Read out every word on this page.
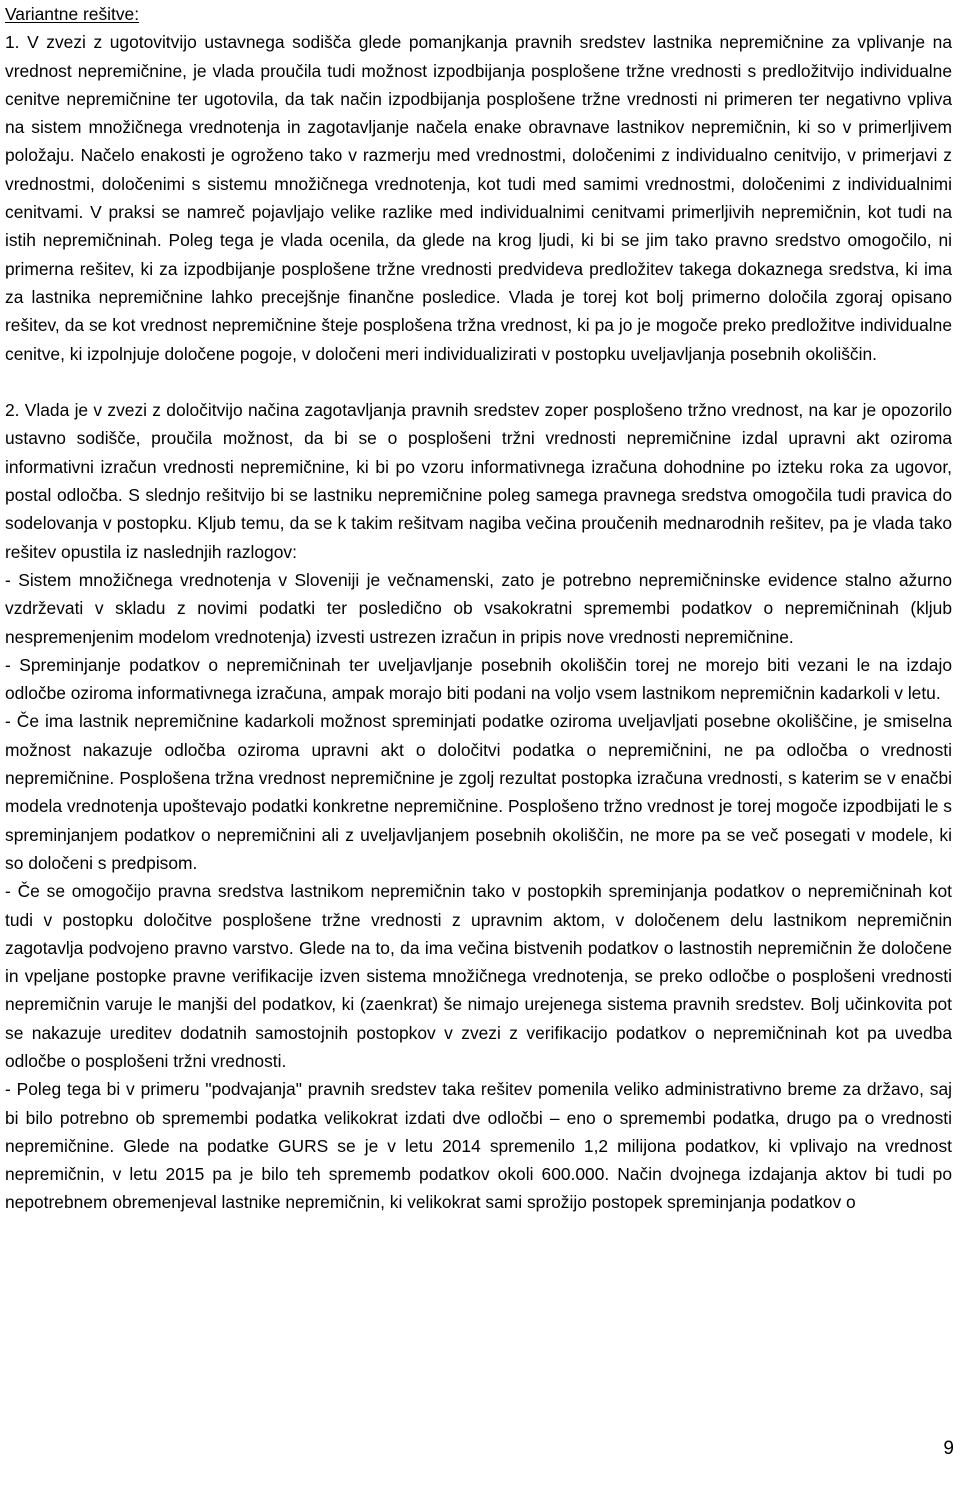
Variantne rešitve:

1. V zvezi z ugotovitvijo ustavnega sodišča glede pomanjkanja pravnih sredstev lastnika nepremičnine za vplivanje na vrednost nepremičnine, je vlada proučila tudi možnost izpodbijanja posplošene tržne vrednosti s predložitvijo individualne cenitve nepremičnine ter ugotovila, da tak način izpodbijanja posplošene tržne vrednosti ni primeren ter negativno vpliva na sistem množičnega vrednotenja in zagotavljanje načela enake obravnave lastnikov nepremičnin, ki so v primerljivem položaju. Načelo enakosti je ogroženo tako v razmerju med vrednostmi, določenimi z individualno cenitvijo, v primerjavi z vrednostmi, določenimi s sistemu množičnega vrednotenja, kot tudi med samimi vrednostmi, določenimi z individualnimi cenitvami. V praksi se namreč pojavljajo velike razlike med individualnimi cenitvami primerljivih nepremičnin, kot tudi na istih nepremičninah. Poleg tega je vlada ocenila, da glede na krog ljudi, ki bi se jim tako pravno sredstvo omogočilo, ni primerna rešitev, ki za izpodbijanje posplošene tržne vrednosti predvideva predložitev takega dokaznega sredstva, ki ima za lastnika nepremičnine lahko precejšnje finančne posledice. Vlada je torej kot bolj primerno določila zgoraj opisano rešitev, da se kot vrednost nepremičnine šteje posplošena tržna vrednost, ki pa jo je mogoče preko predložitve individualne cenitve, ki izpolnjuje določene pogoje, v določeni meri individualizirati v postopku uveljavljanja posebnih okoliščin.

2. Vlada je v zvezi z določitvijo načina zagotavljanja pravnih sredstev zoper posplošeno tržno vrednost, na kar je opozorilo ustavno sodišče, proučila možnost, da bi se o posplošeni tržni vrednosti nepremičnine izdal upravni akt oziroma informativni izračun vrednosti nepremičnine, ki bi po vzoru informativnega izračuna dohodnine po izteku roka za ugovor, postal odločba. S slednjo rešitvijo bi se lastniku nepremičnine poleg samega pravnega sredstva omogočila tudi pravica do sodelovanja v postopku. Kljub temu, da se k takim rešitvam nagiba večina proučenih mednarodnih rešitev, pa je vlada tako rešitev opustila iz naslednjih razlogov:

- Sistem množičnega vrednotenja v Sloveniji je večnamenski, zato je potrebno nepremičninske evidence stalno ažurno vzdrževati v skladu z novimi podatki ter posledično ob vsakokratni spremembi podatkov o nepremičninah (kljub nespremenjenim modelom vrednotenja) izvesti ustrezen izračun in pripis nove vrednosti nepremičnine.

- Spreminjanje podatkov o nepremičninah ter uveljavljanje posebnih okoliščin torej ne morejo biti vezani le na izdajo odločbe oziroma informativnega izračuna, ampak morajo biti podani na voljo vsem lastnikom nepremičnin kadarkoli v letu.

- Če ima lastnik nepremičnine kadarkoli možnost spreminjati podatke oziroma uveljavljati posebne okoliščine, je smiselna možnost nakazuje odločba oziroma upravni akt o določitvi podatka o nepremičnini, ne pa odločba o vrednosti nepremičnine. Posplošena tržna vrednost nepremičnine je zgolj rezultat postopka izračuna vrednosti, s katerim se v enačbi modela vrednotenja upoštevajo podatki konkretne nepremičnine. Posplošeno tržno vrednost je torej mogoče izpodbijati le s spreminjanjem podatkov o nepremičnini ali z uveljavljanjem posebnih okoliščin, ne more pa se več posegati v modele, ki so določeni s predpisom.

- Če se omogočijo pravna sredstva lastnikom nepremičnin tako v postopkih spreminjanja podatkov o nepremičninah kot tudi v postopku določitve posplošene tržne vrednosti z upravnim aktom, v določenem delu lastnikom nepremičnin zagotavlja podvojeno pravno varstvo. Glede na to, da ima večina bistvenih podatkov o lastnostih nepremičnin že določene in vpeljane postopke pravne verifikacije izven sistema množičnega vrednotenja, se preko odločbe o posplošeni vrednosti nepremičnin varuje le manjši del podatkov, ki (zaenkrat) še nimajo urejenega sistema pravnih sredstev. Bolj učinkovita pot se nakazuje ureditev dodatnih samostojnih postopkov v zvezi z verifikacijo podatkov o nepremičninah kot pa uvedba odločbe o posplošeni tržni vrednosti.

- Poleg tega bi v primeru "podvajanja" pravnih sredstev taka rešitev pomenila veliko administrativno breme za državo, saj bi bilo potrebno ob spremembi podatka velikokrat izdati dve odločbi – eno o spremembi podatka, drugo pa o vrednosti nepremičnine. Glede na podatke GURS se je v letu 2014 spremenilo 1,2 milijona podatkov, ki vplivajo na vrednost nepremičnin, v letu 2015 pa je bilo teh sprememb podatkov okoli 600.000. Način dvojnega izdajanja aktov bi tudi po nepotrebnem obremenjeval lastnike nepremičnin, ki velikokrat sami sprožijo postopek spreminjanja podatkov o

9
